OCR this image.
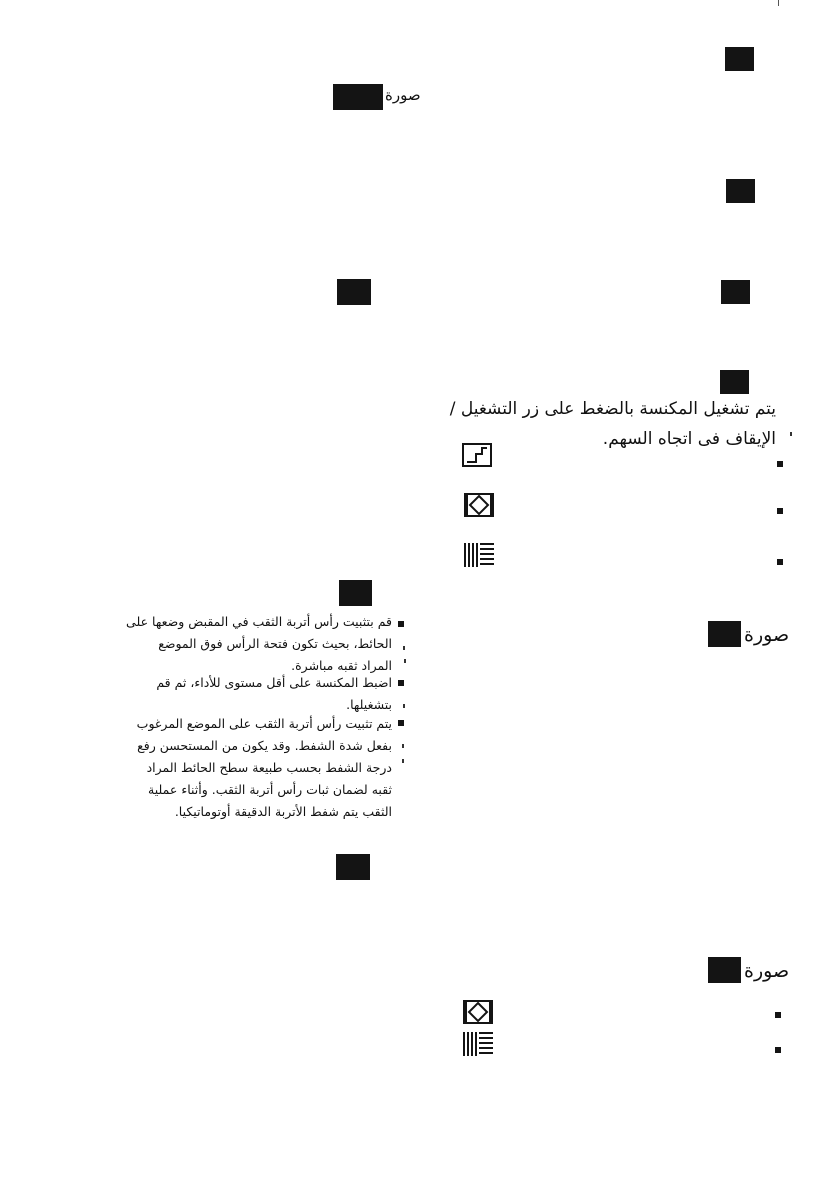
صورة
قم بتثبيت رأس أتربة الثقب في المقبض وضعها على الحائط، بحيث تكون فتحة الرأس فوق الموضع المراد ثقبه مباشرة.
اضبط المكنسة على أقل مستوى للأداء، ثم قم بتشغيلها.
يتم تثبيت رأس أتربة الثقب على الموضع المرغوب بفعل شدة الشفط. وقد يكون من المستحسن رفع درجة الشفط بحسب طبيعة سطح الحائط المراد ثقبه لضمان ثبات رأس أتربة الثقب. وأثناء عملية الثقب يتم شفط الأتربة الدقيقة أوتوماتيكيا.
يتم تشغيل المكنسة بالضغط على زر التشغيل /
الإيقاف فى اتجاه السهم.
صورة
صورة
